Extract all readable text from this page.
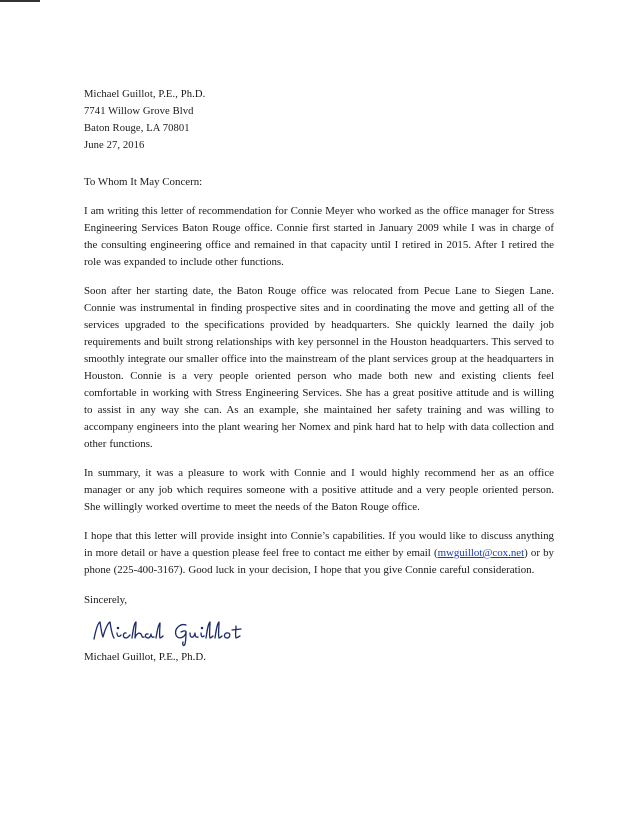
Michael Guillot, P.E., Ph.D.
7741 Willow Grove Blvd
Baton Rouge, LA 70801
June 27, 2016
To Whom It May Concern:

I am writing this letter of recommendation for Connie Meyer who worked as the office manager for Stress Engineering Services Baton Rouge office. Connie first started in January 2009 while I was in charge of the consulting engineering office and remained in that capacity until I retired in 2015. After I retired the role was expanded to include other functions.

Soon after her starting date, the Baton Rouge office was relocated from Pecue Lane to Siegen Lane. Connie was instrumental in finding prospective sites and in coordinating the move and getting all of the services upgraded to the specifications provided by headquarters. She quickly learned the daily job requirements and built strong relationships with key personnel in the Houston headquarters. This served to smoothly integrate our smaller office into the mainstream of the plant services group at the headquarters in Houston. Connie is a very people oriented person who made both new and existing clients feel comfortable in working with Stress Engineering Services. She has a great positive attitude and is willing to assist in any way she can. As an example, she maintained her safety training and was willing to accompany engineers into the plant wearing her Nomex and pink hard hat to help with data collection and other functions.

In summary, it was a pleasure to work with Connie and I would highly recommend her as an office manager or any job which requires someone with a positive attitude and a very people oriented person. She willingly worked overtime to meet the needs of the Baton Rouge office.

I hope that this letter will provide insight into Connie’s capabilities. If you would like to discuss anything in more detail or have a question please feel free to contact me either by email (mwguillot@cox.net) or by phone (225-400-3167). Good luck in your decision, I hope that you give Connie careful consideration.

Sincerely,
Michael Guillot, P.E., Ph.D.
